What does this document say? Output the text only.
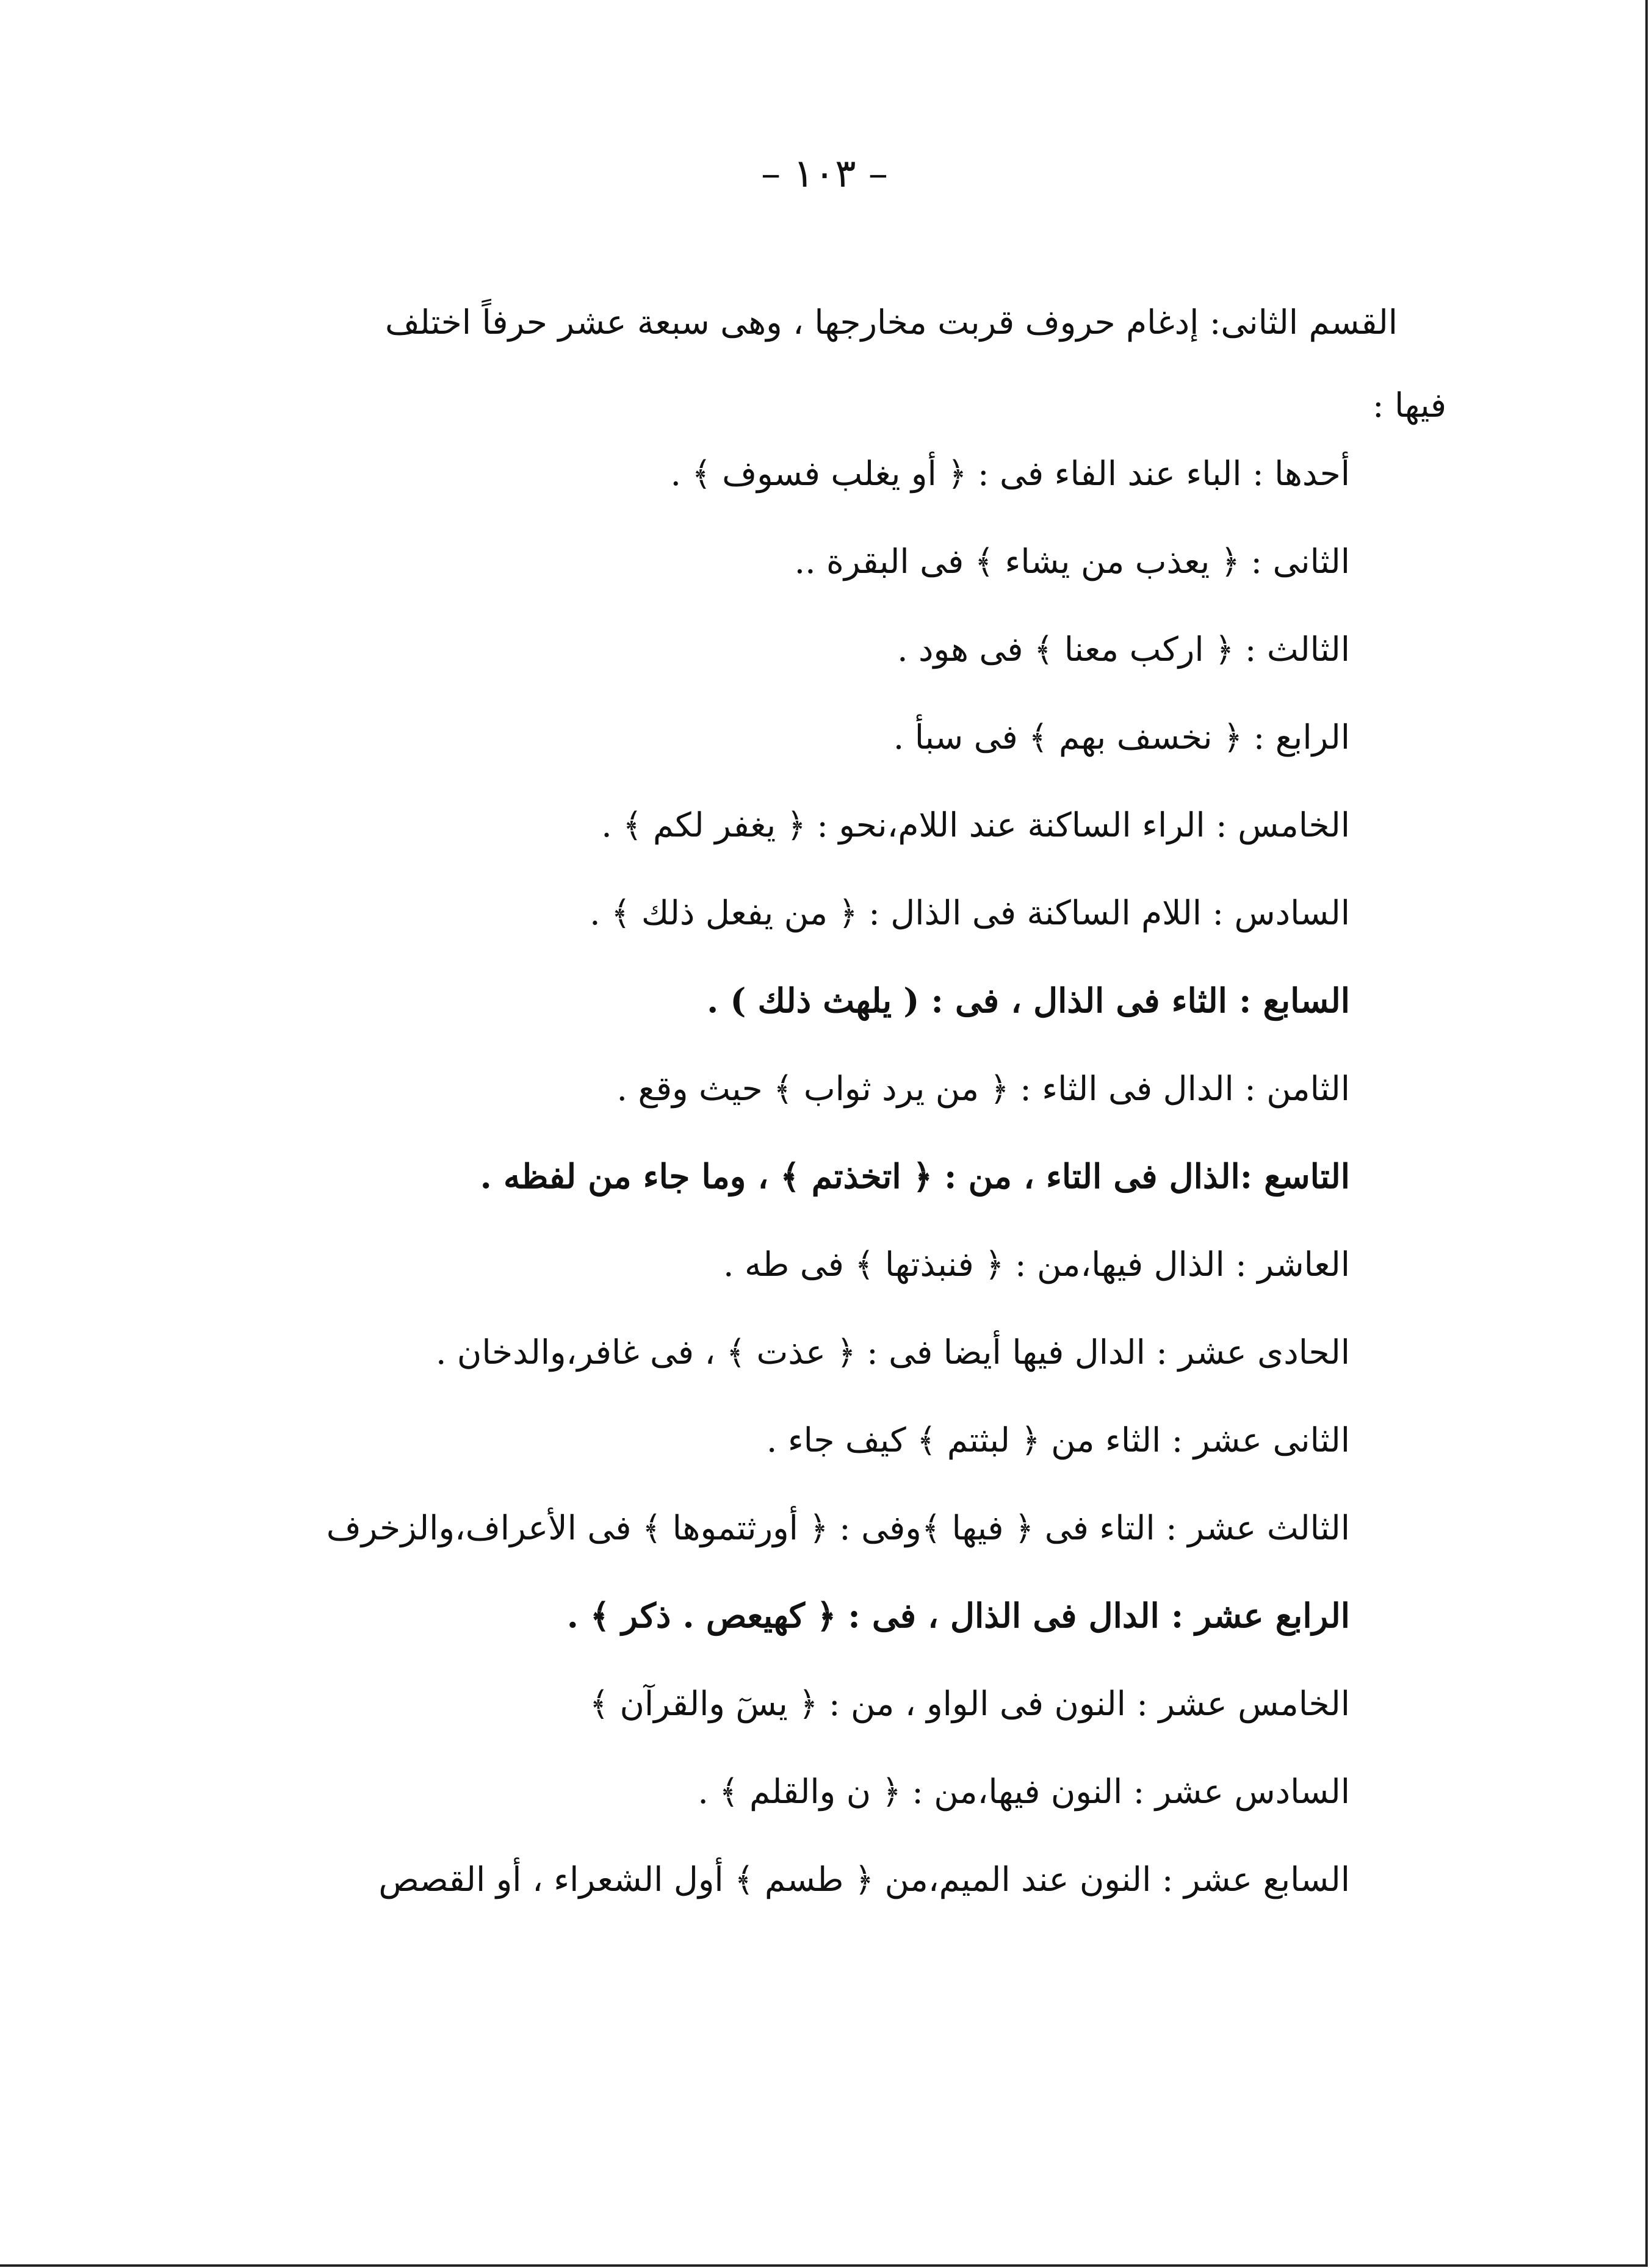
– ١٠٣ –
القسم الثانى: إدغام حروف قربت مخارجها ، وهى سبعة عشر حرفاً اختلف
فيها :
أحدها : الباء عند الفاء فى : ﴿ أو يغلب فسوف ﴾ .
الثانى : ﴿ يعذب من يشاء ﴾ فى البقرة ..
الثالث : ﴿ اركب معنا ﴾ فى هود .
الرابع : ﴿ نخسف بهم ﴾ فى سبأ .
الخامس : الراء الساكنة عند اللام،نحو : ﴿ يغفر لكم ﴾ .
السادس : اللام الساكنة فى الذال : ﴿ من يفعل ذلك ﴾ .
السابع : الثاء فى الذال ، فى : ( يلهث ذلك ) .
الثامن : الدال فى الثاء : ﴿ من يرد ثواب ﴾ حيث وقع .
التاسع :الذال فى التاء ، من : ﴿ اتخذتم ﴾ ، وما جاء من لفظه .
العاشر : الذال فيها،من : ﴿ فنبذتها ﴾ فى طه .
الحادى عشر : الدال فيها أيضا فى : ﴿ عذت ﴾ ، فى غافر،والدخان .
الثانى عشر : الثاء من ﴿ لبثتم ﴾ كيف جاء .
الثالث عشر : التاء فى ﴿ فيها ﴾وفى : ﴿ أورثتموها ﴾ فى الأعراف،والزخرف
الرابع عشر : الدال فى الذال ، فى : ﴿ كهيعص . ذكر ﴾ .
الخامس عشر : النون فى الواو ، من : ﴿ يسٓ والقرآن ﴾
السادس عشر : النون فيها،من : ﴿ ن والقلم ﴾ .
السابع عشر : النون عند الميم،من ﴿ طسم ﴾ أول الشعراء ، أو القصص
